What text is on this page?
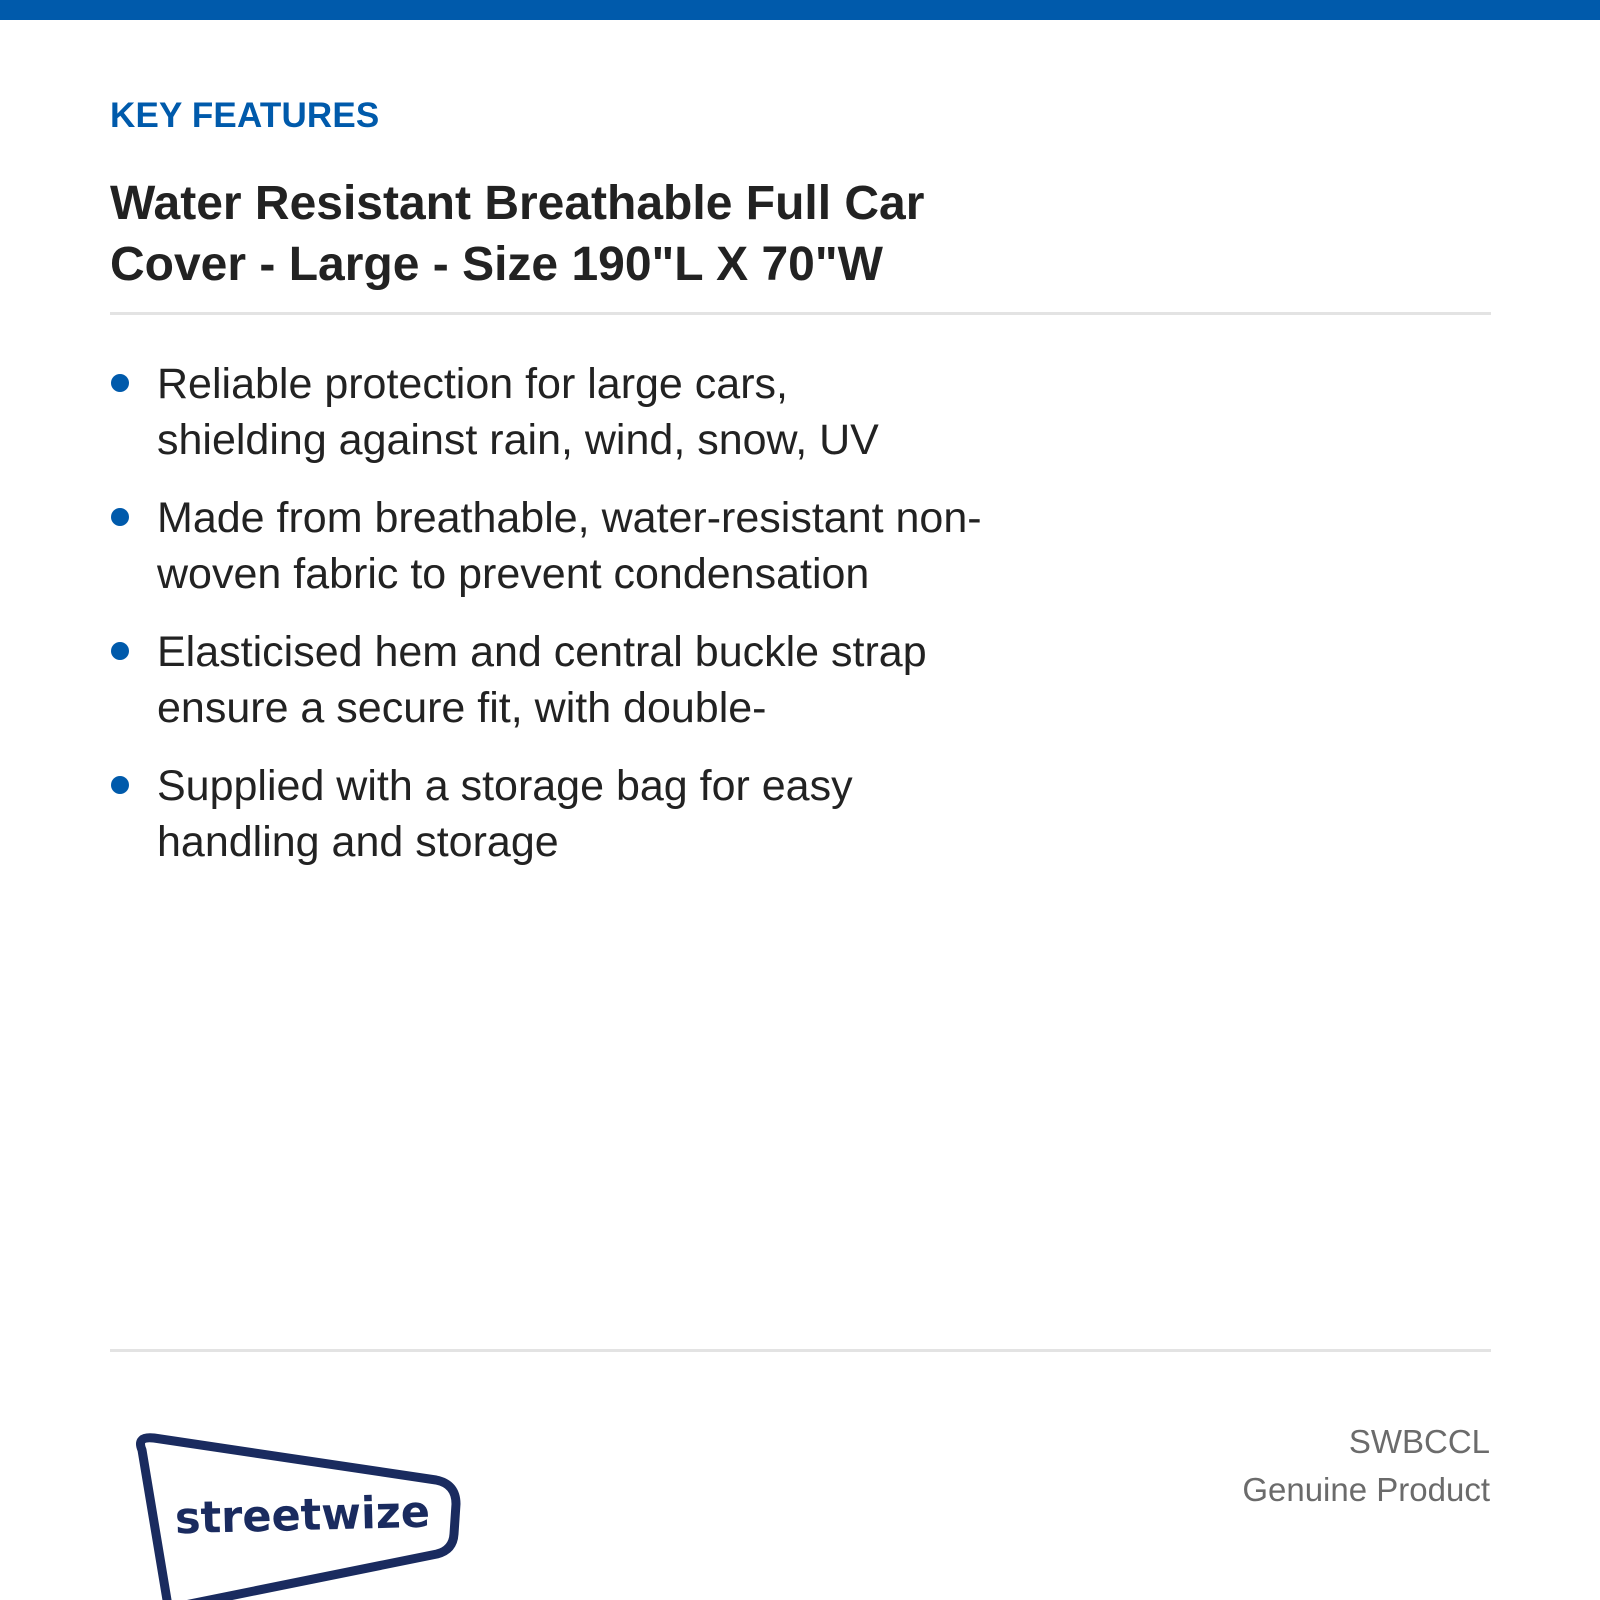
KEY FEATURES
Water Resistant Breathable Full Car
Cover - Large - Size 190"L X 70"W
Reliable protection for large cars,
shielding against rain, wind, snow, UV
Made from breathable, water-resistant non-
woven fabric to prevent condensation
Elasticised hem and central buckle strap
ensure a secure fit, with double-
Supplied with a storage bag for easy
handling and storage
streetwize
SWBCCL
Genuine Product
